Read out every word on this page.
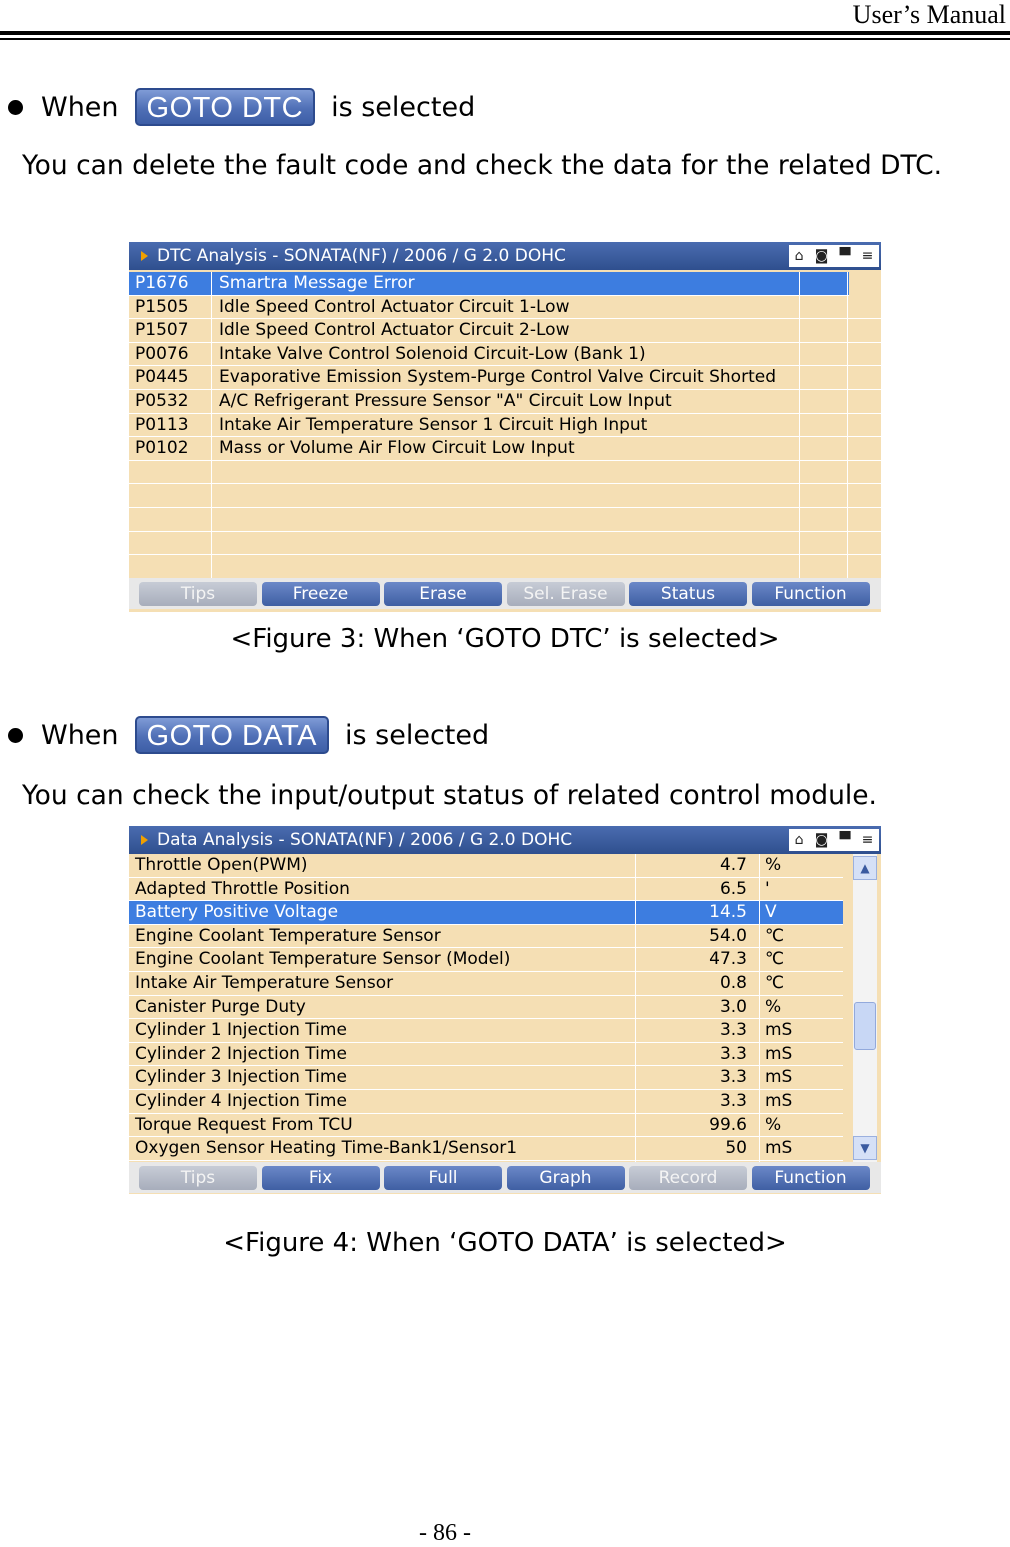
User’s Manual
When GOTO DTC	is selected
You can delete the fault code and check the data for the related DTC.
DTC Analysis - SONATA(NF) / 2006 / G 2.0 DOHC	⌂ ◙ ▀ ≡
P1676 Smartra Message Error
P1505 Idle Speed Control Actuator Circuit 1-Low
P1507 Idle Speed Control Actuator Circuit 2-Low
P0076 Intake Valve Control Solenoid Circuit-Low (Bank 1)
P0445 Evaporative Emission System-Purge Control Valve Circuit Shorted
P0532 A/C Refrigerant Pressure Sensor "A" Circuit Low Input
P0113 Intake Air Temperature Sensor 1 Circuit High Input
P0102 Mass or Volume Air Flow Circuit Low Input
Tips	Freeze	Erase	Sel. Erase	Status	Function
<Figure 3: When ‘GOTO DTC’ is selected>
When GOTO DATA	is selected
You can check the input/output status of related control module.
Data Analysis - SONATA(NF) / 2006 / G 2.0 DOHC	⌂ ◙ ▀ ≡
Throttle Open(PWM)	4.7 %
Adapted Throttle Position	6.5 '
Battery Positive Voltage	14.5 V
Engine Coolant Temperature Sensor	54.0 ℃
Engine Coolant Temperature Sensor (Model)	47.3 ℃
Intake Air Temperature Sensor	0.8 ℃
Canister Purge Duty	3.0 %
Cylinder 1 Injection Time	3.3 mS
Cylinder 2 Injection Time	3.3 mS
Cylinder 3 Injection Time	3.3 mS
Cylinder 4 Injection Time	3.3 mS
Torque Request From TCU	99.6 %
Oxygen Sensor Heating Time-Bank1/Sensor1	50 mS
▲
▼
Tips	Fix	Full	Graph	Record	Function
<Figure 4: When ‘GOTO DATA’ is selected>
- 86 -
